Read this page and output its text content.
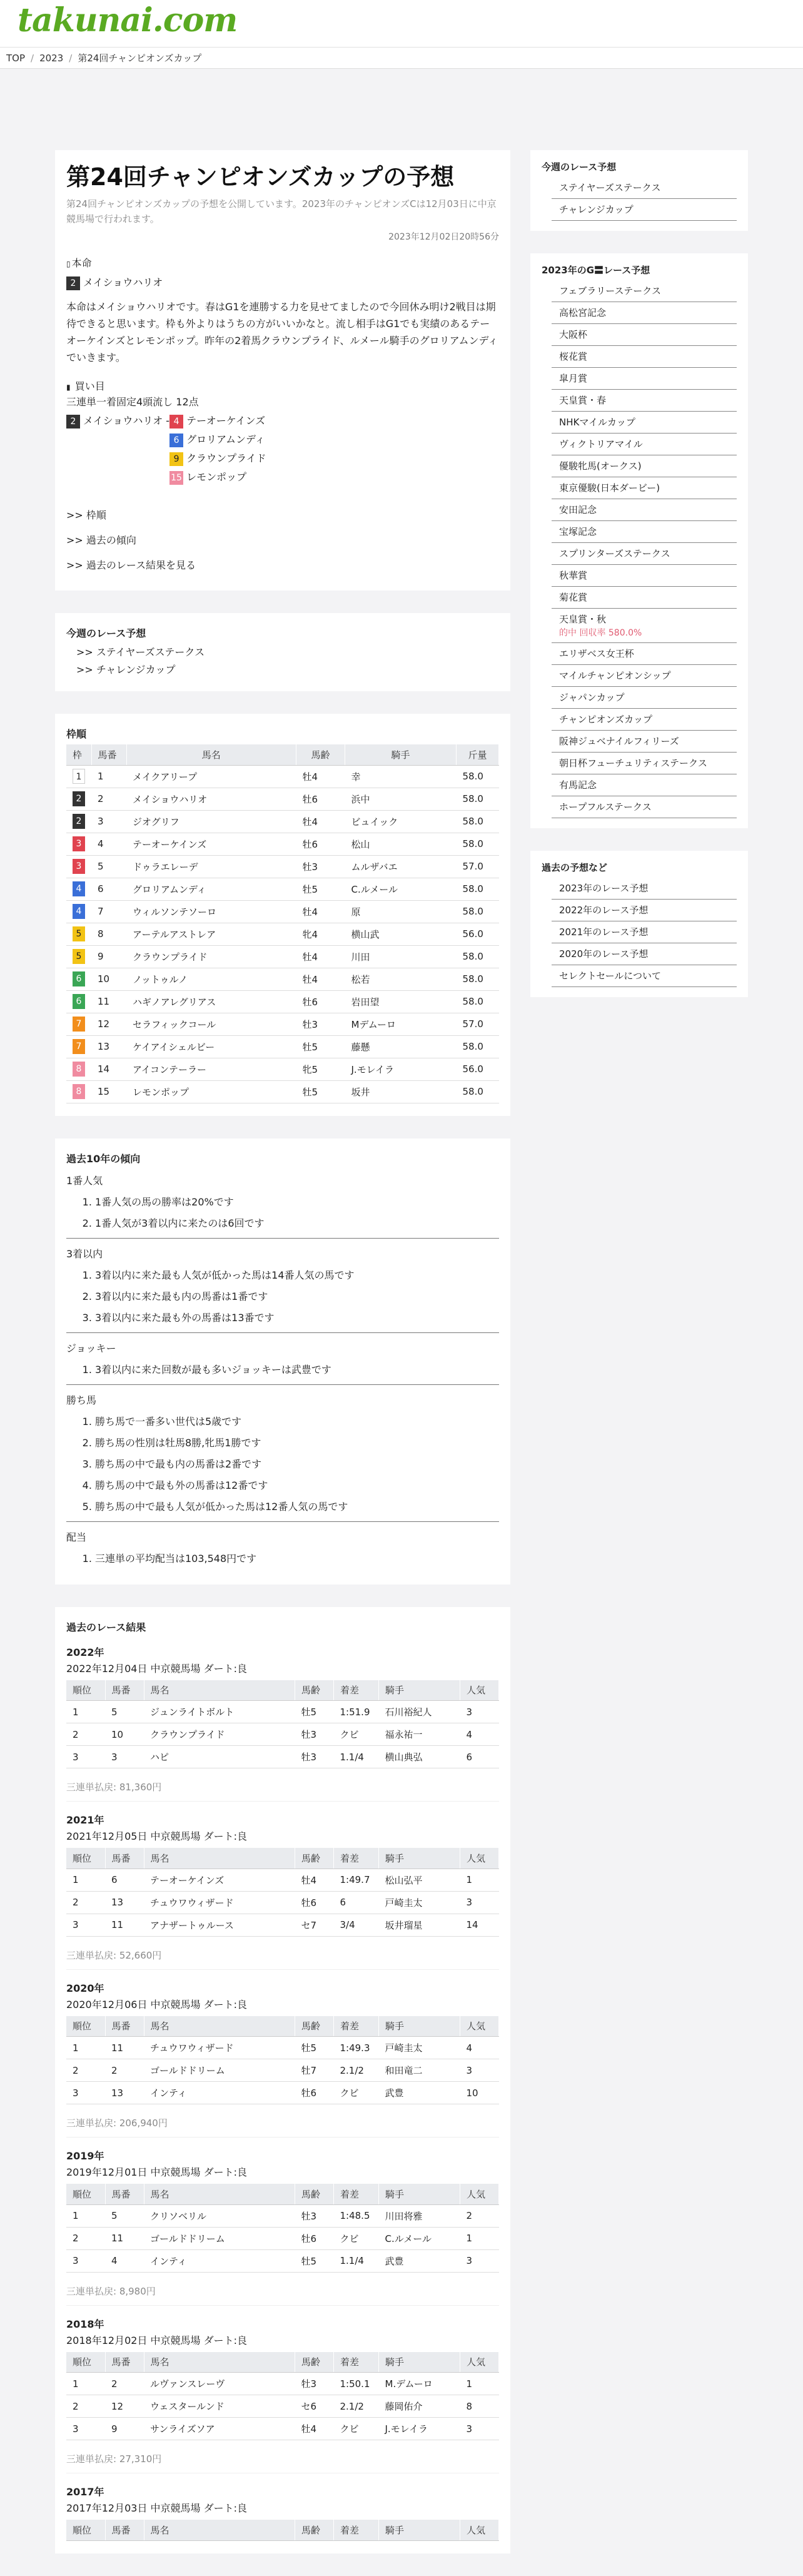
takunai.com
TOP / 2023 / 第24回チャンピオンズカップ
第24回チャンピオンズカップの予想

第24回チャンピオンズカップの予想を公開しています。2023年のチャンピオンズCは12月03日に中京競馬場で行われます。

2023年12月02日20時56分

▯ 本命
2 メイショウハリオ

本命はメイショウハリオです。春はG1を連勝する力を見せてましたので今回休み明け2戦目は期待できると思います。枠も外よりはうちの方がいいかなと。流し相手はG1でも実績のあるテーオーケインズとレモンポップ。昨年の2着馬クラウンプライド、ルメール騎手のグロリアムンディでいきます。

▮ 買い目
三連単一着固定4頭流し 12点
2 メイショウハリオ - 4 テーオーケインズ
6 グロリアムンディ
9 クラウンプライド
15 レモンポップ
>> 枠順
>> 過去の傾向
>> 過去のレース結果を見る
今週のレース予想
>> ステイヤーズステークス
>> チャレンジカップ
枠順
枠	馬番	馬名	馬齢	騎手	斤量
1	1	メイクアリープ	牡4	幸	58.0
2	2	メイショウハリオ	牡6	浜中	58.0
2	3	ジオグリフ	牡4	ビュイック	58.0
3	4	テーオーケインズ	牡6	松山	58.0
3	5	ドゥラエレーデ	牡3	ムルザバエ	57.0
4	6	グロリアムンディ	牡5	C.ルメール	58.0
4	7	ウィルソンテソーロ	牡4	原	58.0
5	8	アーテルアストレア	牝4	横山武	56.0
5	9	クラウンプライド	牡4	川田	58.0
6	10	ノットゥルノ	牡4	松若	58.0
6	11	ハギノアレグリアス	牡6	岩田望	58.0
7	12	セラフィックコール	牡3	Mデムーロ	57.0
7	13	ケイアイシェルビー	牡5	藤懸	58.0
8	14	アイコンテーラー	牝5	J.モレイラ	56.0
8	15	レモンポップ	牡5	坂井	58.0
過去10年の傾向
1番人気
1. 1番人気の馬の勝率は20%です
2. 1番人気が3着以内に来たのは6回です
3着以内
1. 3着以内に来た最も人気が低かった馬は14番人気の馬です
2. 3着以内に来た最も内の馬番は1番です
3. 3着以内に来た最も外の馬番は13番です
ジョッキー
1. 3着以内に来た回数が最も多いジョッキーは武豊です
勝ち馬
1. 勝ち馬で一番多い世代は5歳です
2. 勝ち馬の性別は牡馬8勝,牝馬1勝です
3. 勝ち馬の中で最も内の馬番は2番です
4. 勝ち馬の中で最も外の馬番は12番です
5. 勝ち馬の中で最も人気が低かった馬は12番人気の馬です
配当
1. 三連単の平均配当は103,548円です
過去のレース結果
2022年
2022年12月04日 中京競馬場 ダート:良
順位	馬番	馬名	馬齢	着差	騎手	人気
1	5	ジュンライトボルト	牡5	1:51.9	石川裕紀人	3
2	10	クラウンプライド	牡3	クビ	福永祐一	4
3	3	ハピ	牡3	1.1/4	横山典弘	6
三連単払戻: 81,360円
2021年
2021年12月05日 中京競馬場 ダート:良
順位	馬番	馬名	馬齢	着差	騎手	人気
1	6	テーオーケインズ	牡4	1:49.7	松山弘平	1
2	13	チュウワウィザード	牡6	6	戸崎圭太	3
3	11	アナザートゥルース	セ7	3/4	坂井瑠星	14
三連単払戻: 52,660円
2020年
2020年12月06日 中京競馬場 ダート:良
順位	馬番	馬名	馬齢	着差	騎手	人気
1	11	チュウワウィザード	牡5	1:49.3	戸崎圭太	4
2	2	ゴールドドリーム	牡7	2.1/2	和田竜二	3
3	13	インティ	牡6	クビ	武豊	10
三連単払戻: 206,940円
2019年
2019年12月01日 中京競馬場 ダート:良
順位	馬番	馬名	馬齢	着差	騎手	人気
1	5	クリソベリル	牡3	1:48.5	川田将雅	2
2	11	ゴールドドリーム	牡6	クビ	C.ルメール	1
3	4	インティ	牡5	1.1/4	武豊	3
三連単払戻: 8,980円
2018年
2018年12月02日 中京競馬場 ダート:良
順位	馬番	馬名	馬齢	着差	騎手	人気
1	2	ルヴァンスレーヴ	牡3	1:50.1	M.デムーロ	1
2	12	ウェスタールンド	セ6	2.1/2	藤岡佑介	8
3	9	サンライズソア	牡4	クビ	J.モレイラ	3
三連単払戻: 27,310円
2017年
2017年12月03日 中京競馬場 ダート:良
順位	馬番	馬名	馬齢	着差	騎手	人気
今週のレース予想
ステイヤーズステークス
チャレンジカップ
2023年のG〓レース予想
フェブラリーステークス
高松宮記念
大阪杯
桜花賞
皐月賞
天皇賞・春
NHKマイルカップ
ヴィクトリアマイル
優駿牝馬(オークス)
東京優駿(日本ダービー)
安田記念
宝塚記念
スプリンターズステークス
秋華賞
菊花賞
天皇賞・秋
的中 回収率 580.0%
エリザベス女王杯
マイルチャンピオンシップ
ジャパンカップ
チャンピオンズカップ
阪神ジュベナイルフィリーズ
朝日杯フューチュリティステークス
有馬記念
ホープフルステークス
過去の予想など
2023年のレース予想
2022年のレース予想
2021年のレース予想
2020年のレース予想
セレクトセールについて
